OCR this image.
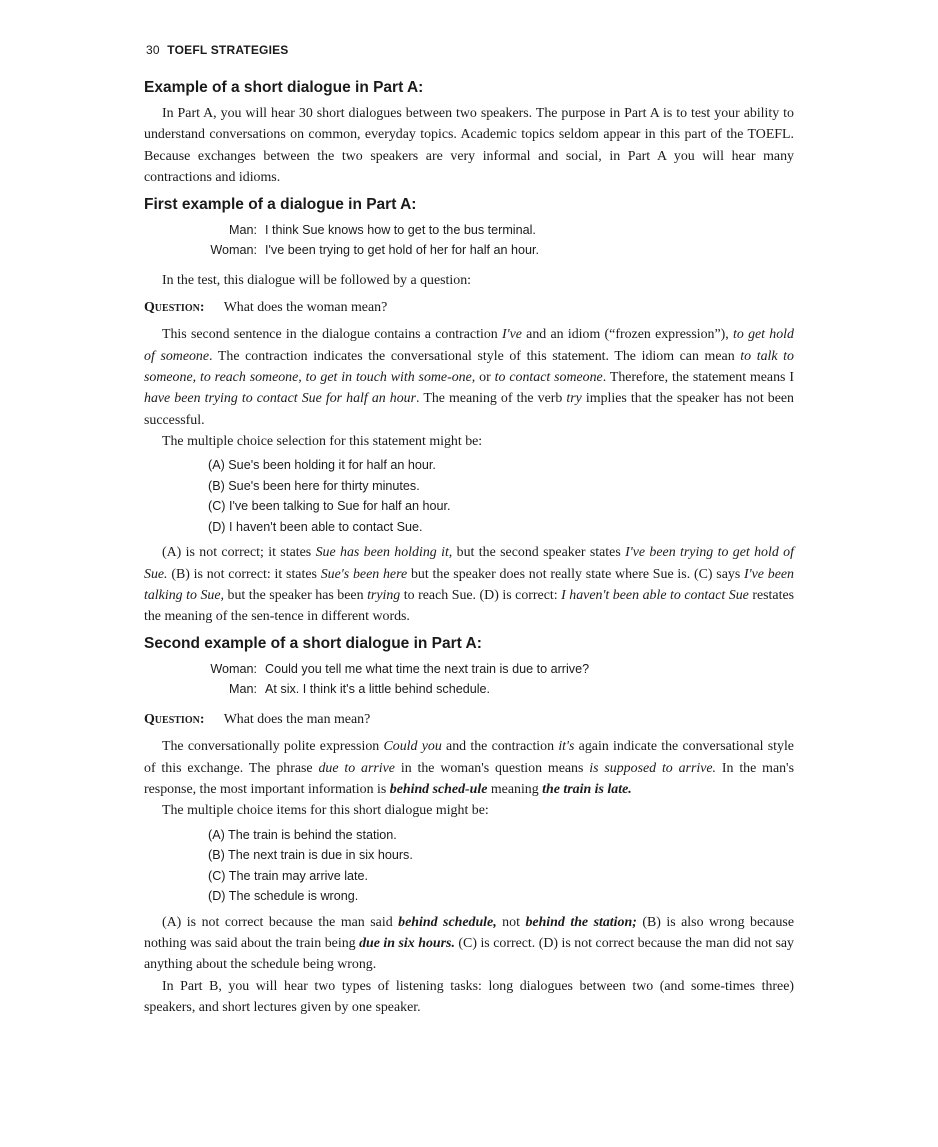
30 TOEFL STRATEGIES
Example of a short dialogue in Part A:

In Part A, you will hear 30 short dialogues between two speakers. The purpose in Part A is to test your ability to understand conversations on common, everyday topics. Academic topics seldom appear in this part of the TOEFL. Because exchanges between the two speakers are very informal and social, in Part A you will hear many contractions and idioms.

First example of a dialogue in Part A:
Man: I think Sue knows how to get to the bus terminal.
Woman: I've been trying to get hold of her for half an hour.

In the test, this dialogue will be followed by a question:

Question: What does the woman mean?

This second sentence in the dialogue contains a contraction I've and an idiom (“frozen expression”), to get hold of someone. The contraction indicates the conversational style of this statement. The idiom can mean to talk to someone, to reach someone, to get in touch with some-one, or to contact someone. Therefore, the statement means I have been trying to contact Sue for half an hour. The meaning of the verb try implies that the speaker has not been successful.

The multiple choice selection for this statement might be:

(A) Sue's been holding it for half an hour.
(B) Sue's been here for thirty minutes.
(C) I've been talking to Sue for half an hour.
(D) I haven't been able to contact Sue.

(A) is not correct; it states Sue has been holding it, but the second speaker states I've been trying to get hold of Sue. (B) is not correct: it states Sue's been here but the speaker does not really state where Sue is. (C) says I've been talking to Sue, but the speaker has been trying to reach Sue. (D) is correct: I haven't been able to contact Sue restates the meaning of the sen-tence in different words.

Second example of a short dialogue in Part A:
Woman: Could you tell me what time the next train is due to arrive?
Man: At six. I think it's a little behind schedule.
Question: What does the man mean?

The conversationally polite expression Could you and the contraction it's again indicate the conversational style of this exchange. The phrase due to arrive in the woman's question means is supposed to arrive. In the man's response, the most important information is behind sched-ule meaning the train is late.

The multiple choice items for this short dialogue might be:

(A) The train is behind the station.
(B) The next train is due in six hours.
(C) The train may arrive late.
(D) The schedule is wrong.

(A) is not correct because the man said behind schedule, not behind the station; (B) is also wrong because nothing was said about the train being due in six hours. (C) is correct. (D) is not correct because the man did not say anything about the schedule being wrong.

In Part B, you will hear two types of listening tasks: long dialogues between two (and some-times three) speakers, and short lectures given by one speaker.
